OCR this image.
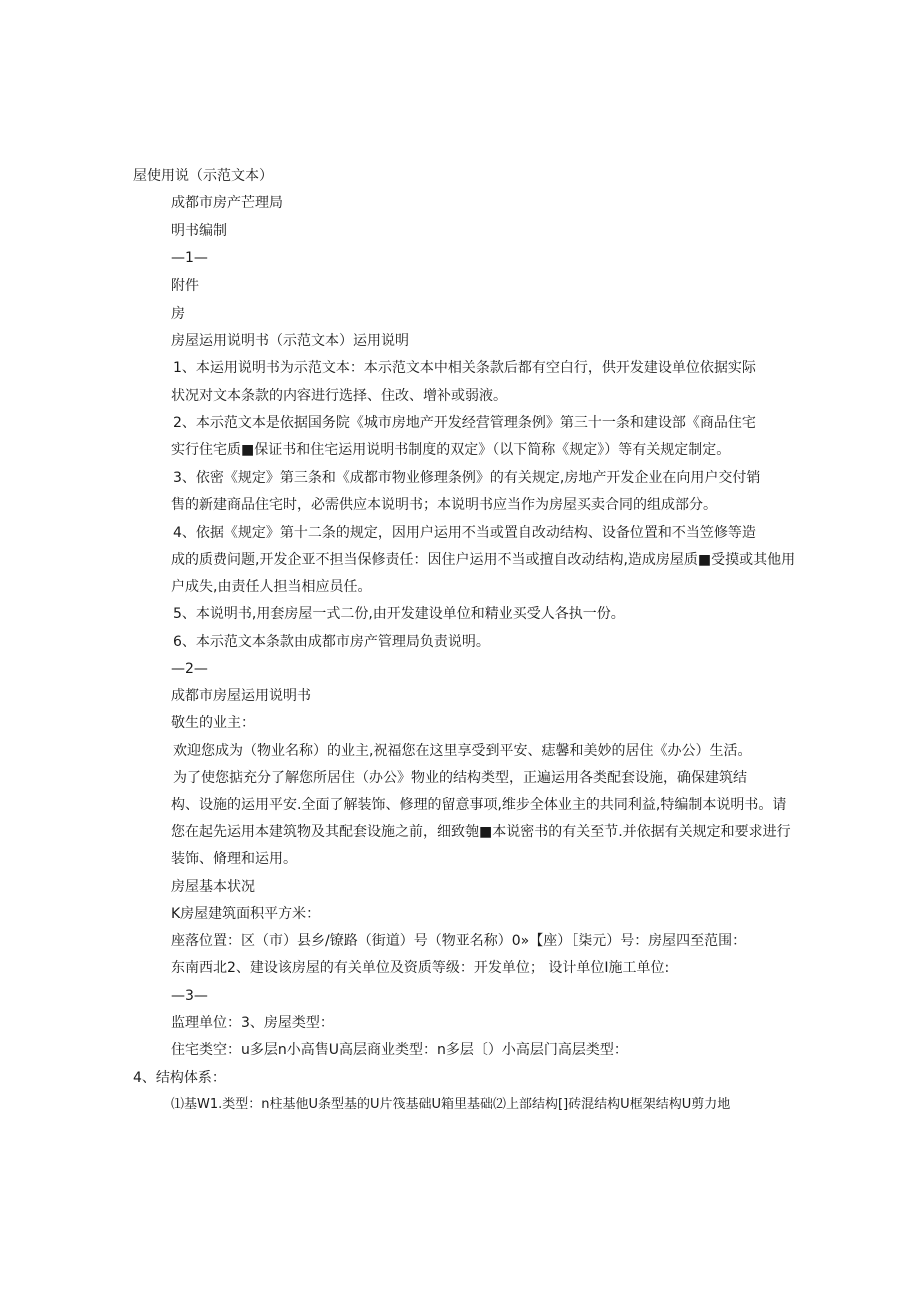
屋使用说（示范文本）
成都市房产芒理局
明书编制
—1—
附件
房
房屋运用说明书（示范文本）运用说明
1、本运用说明书为示范文本：本示范文本中相关条款后都有空白行，供开发建设单位依据实际
状况对文本条款的内容进行选择、住改、增补或弱液。
2、本示范文本是依据国务院《城市房地产开发经营管理条例》第三十一条和建设部《商品住宅
实行住宅质■保证书和住宅运用说明书制度的双定》（以下简称《规定》）等有关规定制定。
3、依密《规定》第三条和《成都市物业修理条例》的有关规定,房地产开发企业在向用户交付销
售的新建商品住宅时，必需供应本说明书；本说明书应当作为房屋买卖合同的组成部分。
4、依据《规定》第十二条的规定，因用户运用不当或置自改动结构、设备位置和不当笠修等造
成的质费问题,开发企亚不担当保修责任：因住户运用不当或擅自改动结构,造成房屋质■受摸或其他用
户成失,由责任人担当相应员任。
5、本说明书,用套房屋一式二份,由开发建设单位和精业买受人各执一份。
6、本示范文本条款由成都市房产管理局负责说明。
—2—
成都市房屋运用说明书
敬生的业主：
欢迎您成为（物业名称）的业主,祝福您在这里享受到平安、痣馨和美妙的居住《办公）生活。
为了使您掂充分了解您所居住（办公》物业的结构类型，正遍运用各类配套设施，确保建筑结
构、设施的运用平安.全面了解装饰、修理的留意事项,维步全体业主的共同利益,特编制本说明书。请
您在起先运用本建筑物及其配套设施之前，细致匏■本说密书的有关至节.并依据有关规定和要求进行
装饰、脩理和运用。
房屋基本状况
K房屋建筑面积平方米：
座落位置：区（市）县乡/镣路（街道）号（物亚名称）0»【座）［柒元）号：房屋四至范围：
东南西北2、建设该房屋的有关单位及资质等级：开发单位； 设计单位I施工单位:
—3—
监理单位：3、房屋类型：
住宅类空：u多层n小高售U高层商业类型：n多层〔）小高层门高层类型：
4、结构体系：
⑴基W1.类型：n柱基他U条型基的U片筏基础U箱里基础⑵上部结构[]砖混结构U框架结构U剪力地
